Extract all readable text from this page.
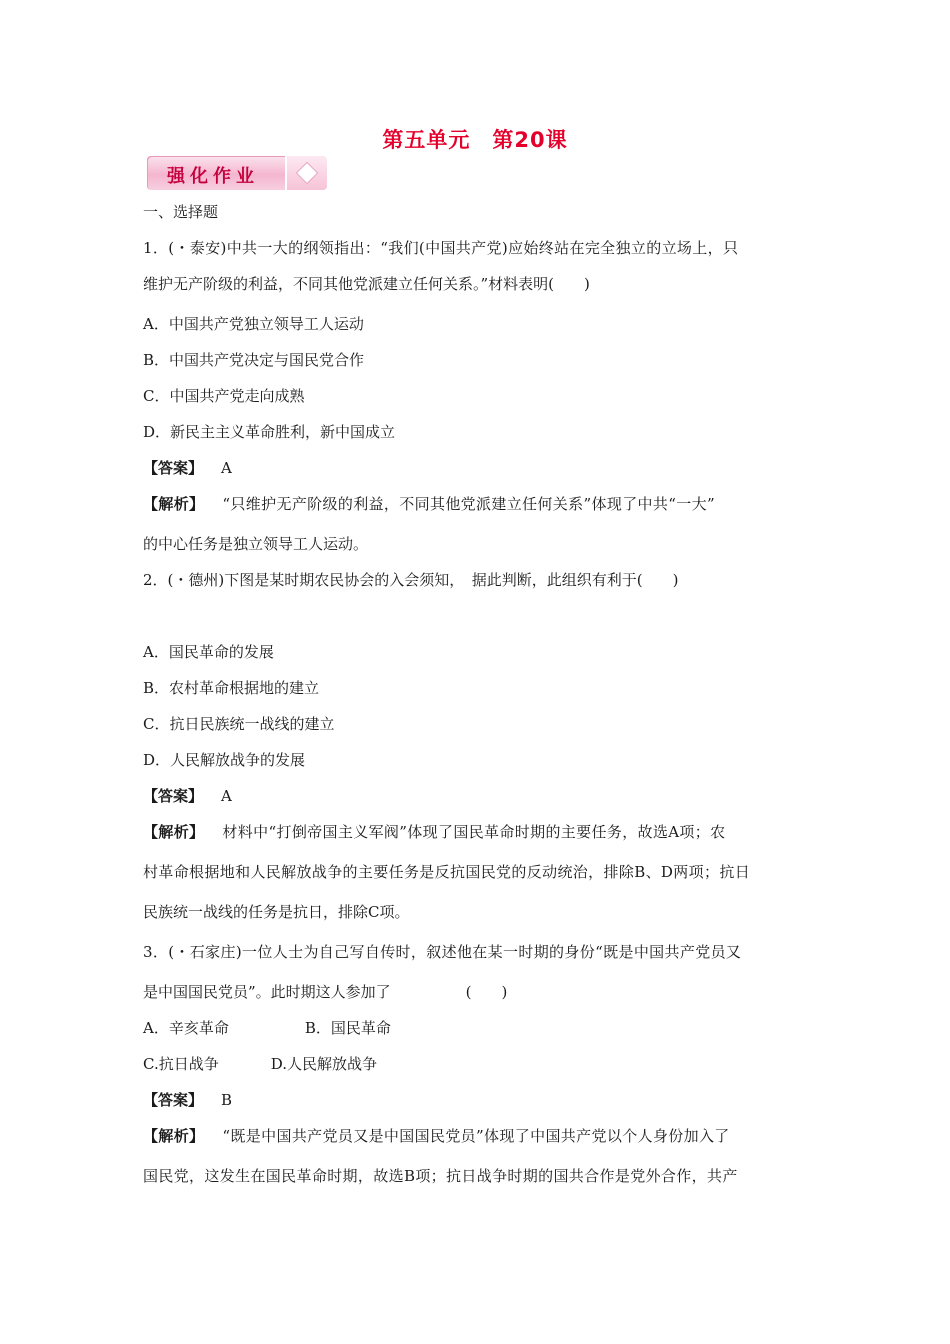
第五单元　第20课
强化作业
一、选择题
1．(・泰安)中共一大的纲领指出：“我们(中国共产党)应始终站在完全独立的立场上，只
维护无产阶级的利益，不同其他党派建立任何关系。”材料表明(　　)
A．中国共产党独立领导工人运动
B．中国共产党决定与国民党合作
C．中国共产党走向成熟
D．新民主主义革命胜利，新中国成立
【答案】 A
【解析】 “只维护无产阶级的利益，不同其他党派建立任何关系”体现了中共“一大”
的中心任务是独立领导工人运动。
2．(・德州)下图是某时期农民协会的入会须知，　据此判断，此组织有利于(　　)
A．国民革命的发展
B．农村革命根据地的建立
C．抗日民族统一战线的建立
D．人民解放战争的发展
【答案】 A
【解析】 材料中“打倒帝国主义军阀”体现了国民革命时期的主要任务，故选A项；农
村革命根据地和人民解放战争的主要任务是反抗国民党的反动统治，排除B、D两项；抗日
民族统一战线的任务是抗日，排除C项。
3．(・石家庄)一位人士为自己写自传时，叙述他在某一时期的身份“既是中国共产党员又
是中国国民党员”。此时期这人参加了　　　　　(　　)
A．辛亥革命	B．国民革命
C.抗日战争	D.人民解放战争
【答案】 B
【解析】 “既是中国共产党员又是中国国民党员”体现了中国共产党以个人身份加入了
国民党，这发生在国民革命时期，故选B项；抗日战争时期的国共合作是党外合作，共产
